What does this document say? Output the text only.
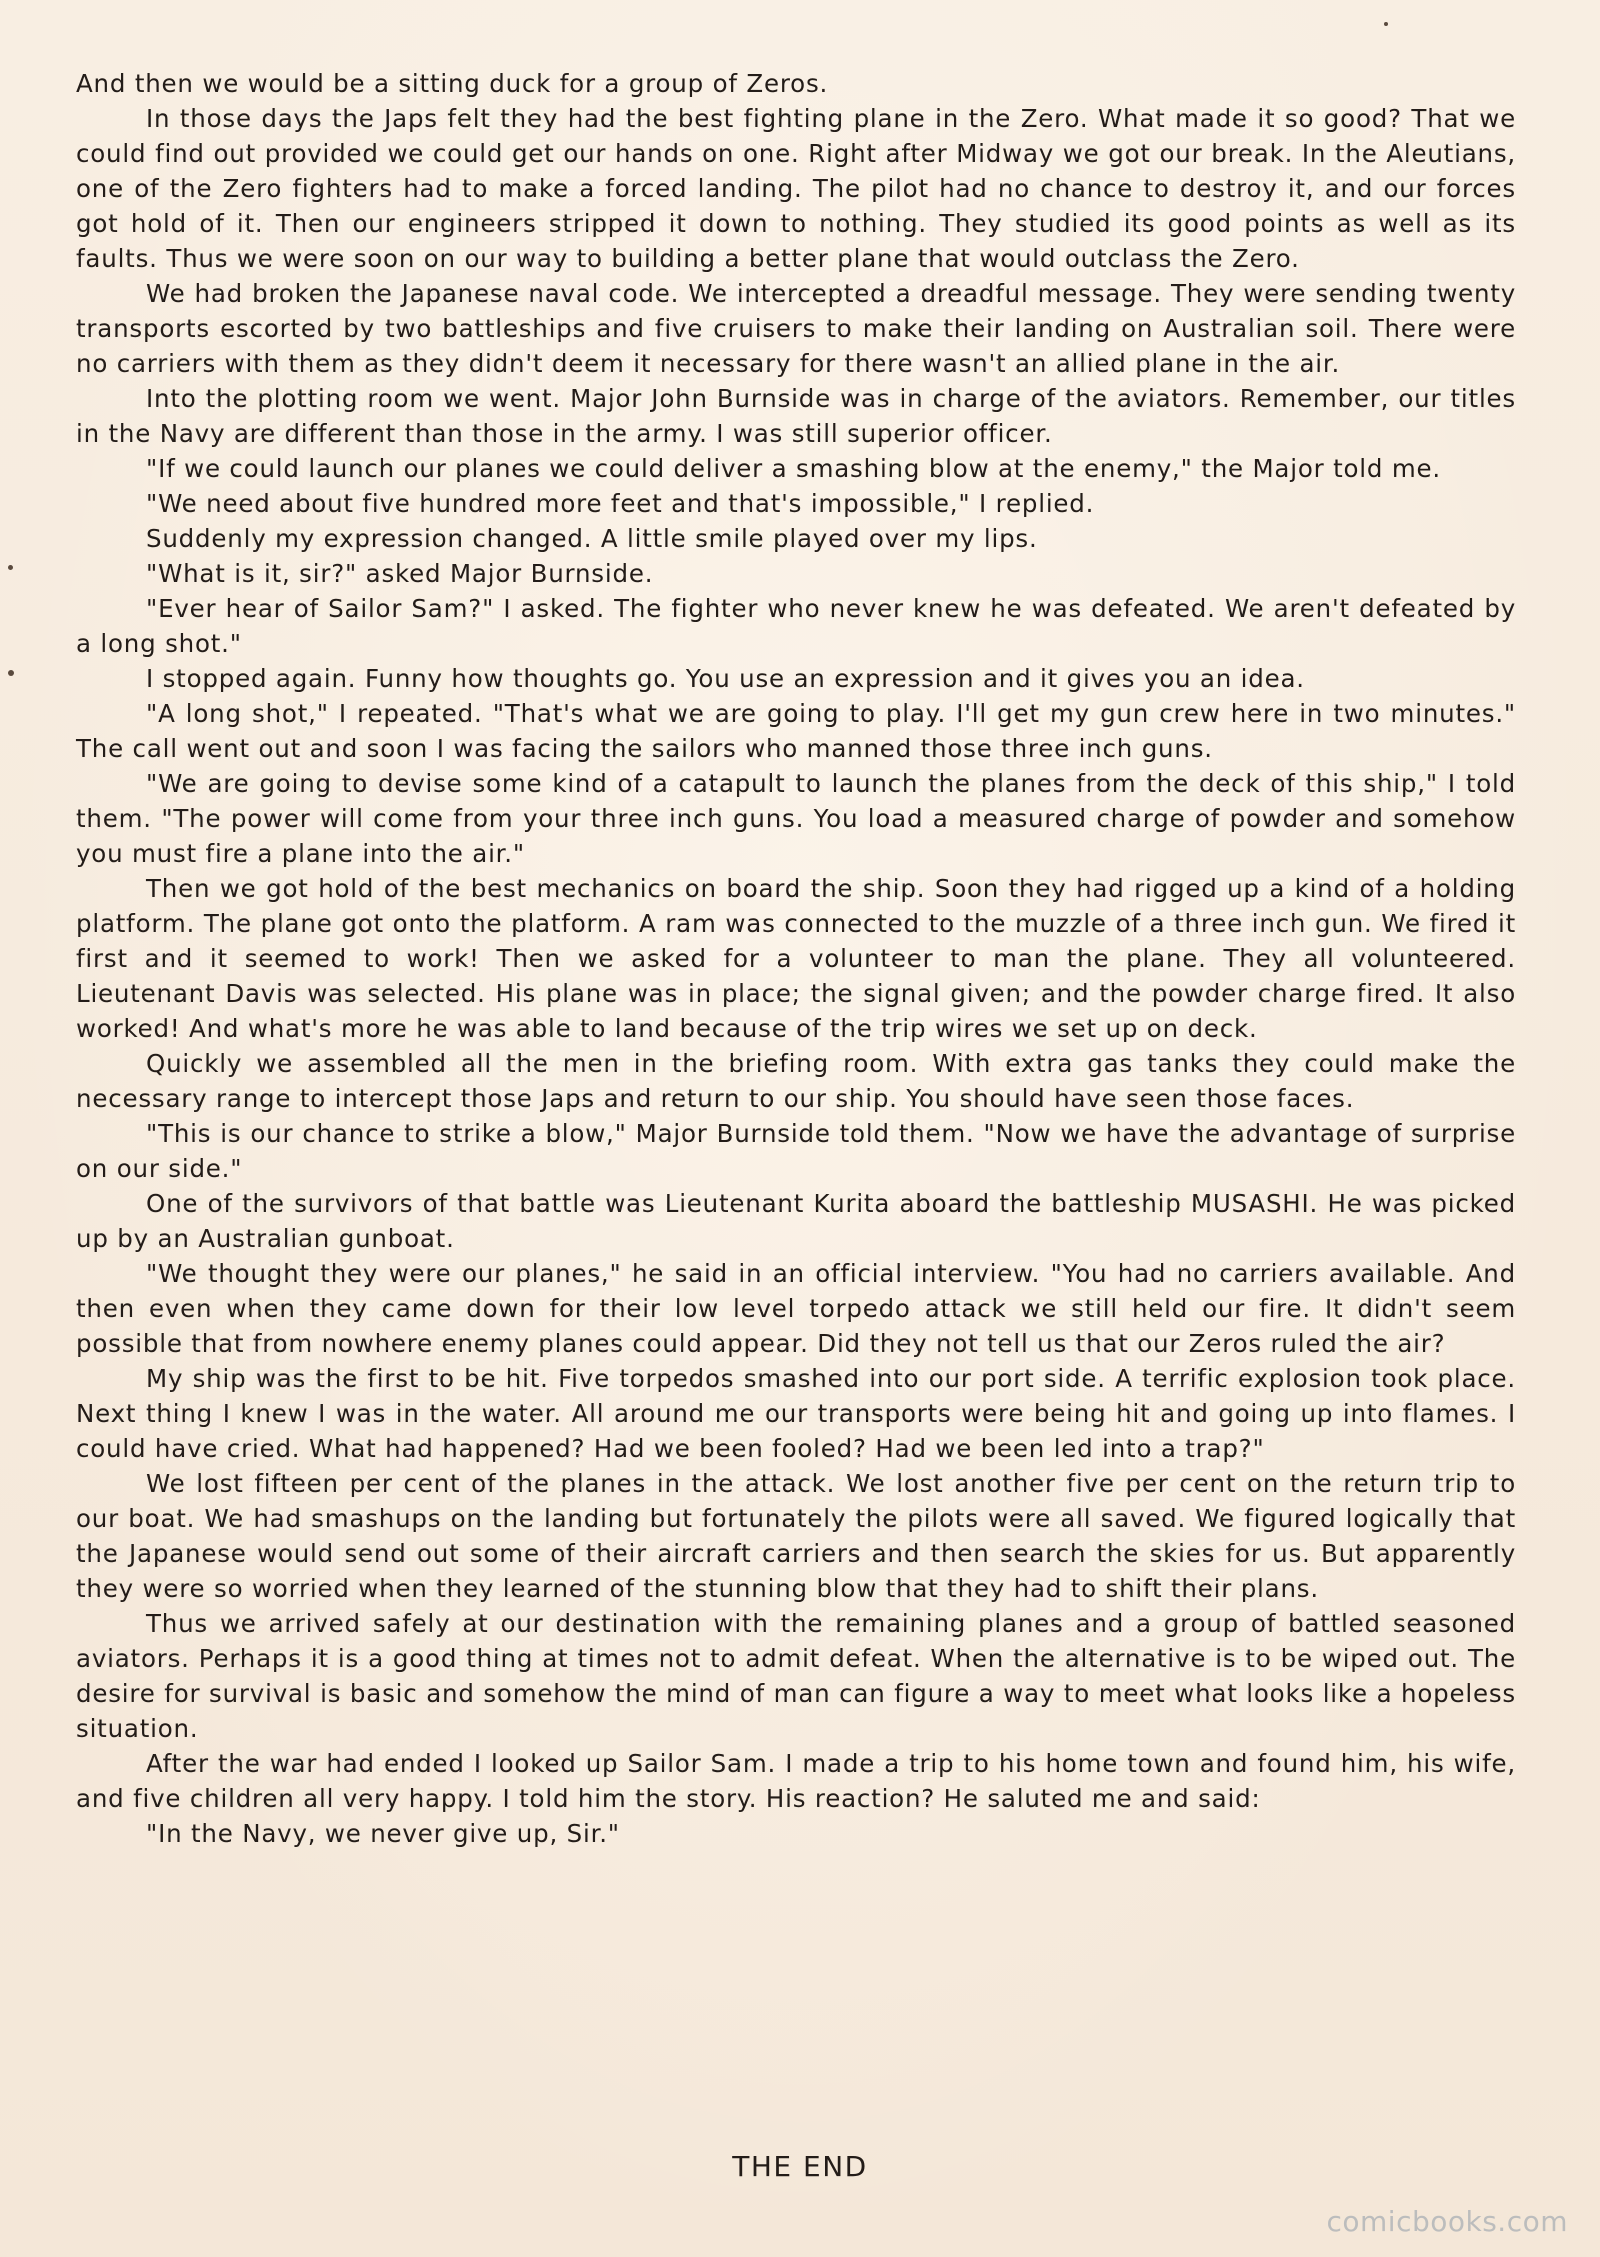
And then we would be a sitting duck for a group of Zeros.

In those days the Japs felt they had the best fighting plane in the Zero. What made it so good? That we could find out provided we could get our hands on one. Right after Midway we got our break. In the Aleutians, one of the Zero fighters had to make a forced landing. The pilot had no chance to destroy it, and our forces got hold of it. Then our engineers stripped it down to nothing. They studied its good points as well as its faults. Thus we were soon on our way to building a better plane that would outclass the Zero.

We had broken the Japanese naval code. We intercepted a dreadful message. They were sending twenty transports escorted by two battleships and five cruisers to make their landing on Australian soil. There were no carriers with them as they didn't deem it necessary for there wasn't an allied plane in the air.

Into the plotting room we went. Major John Burnside was in charge of the aviators. Remember, our titles in the Navy are different than those in the army. I was still superior officer.

"If we could launch our planes we could deliver a smashing blow at the enemy," the Major told me.

"We need about five hundred more feet and that's impossible," I replied.

Suddenly my expression changed. A little smile played over my lips.

"What is it, sir?" asked Major Burnside.

"Ever hear of Sailor Sam?" I asked. The fighter who never knew he was defeated. We aren't defeated by a long shot."

I stopped again. Funny how thoughts go. You use an expression and it gives you an idea.

"A long shot," I repeated. "That's what we are going to play. I'll get my gun crew here in two minutes." The call went out and soon I was facing the sailors who manned those three inch guns.

"We are going to devise some kind of a catapult to launch the planes from the deck of this ship," I told them. "The power will come from your three inch guns. You load a measured charge of powder and somehow you must fire a plane into the air."

Then we got hold of the best mechanics on board the ship. Soon they had rigged up a kind of a holding platform. The plane got onto the platform. A ram was connected to the muzzle of a three inch gun. We fired it first and it seemed to work! Then we asked for a volunteer to man the plane. They all volunteered. Lieutenant Davis was selected. His plane was in place; the signal given; and the powder charge fired. It also worked! And what's more he was able to land because of the trip wires we set up on deck.

Quickly we assembled all the men in the briefing room. With extra gas tanks they could make the necessary range to intercept those Japs and return to our ship. You should have seen those faces.

"This is our chance to strike a blow," Major Burnside told them. "Now we have the advantage of surprise on our side."

One of the survivors of that battle was Lieutenant Kurita aboard the battleship MUSASHI. He was picked up by an Australian gunboat.

"We thought they were our planes," he said in an official interview. "You had no carriers available. And then even when they came down for their low level torpedo attack we still held our fire. It didn't seem possible that from nowhere enemy planes could appear. Did they not tell us that our Zeros ruled the air?

My ship was the first to be hit. Five torpedos smashed into our port side. A terrific explosion took place. Next thing I knew I was in the water. All around me our transports were being hit and going up into flames. I could have cried. What had happened? Had we been fooled? Had we been led into a trap?"

We lost fifteen per cent of the planes in the attack. We lost another five per cent on the return trip to our boat. We had smashups on the landing but fortunately the pilots were all saved. We figured logically that the Japanese would send out some of their aircraft carriers and then search the skies for us. But apparently they were so worried when they learned of the stunning blow that they had to shift their plans.

Thus we arrived safely at our destination with the remaining planes and a group of battled seasoned aviators. Perhaps it is a good thing at times not to admit defeat. When the alternative is to be wiped out. The desire for survival is basic and somehow the mind of man can figure a way to meet what looks like a hopeless situation.

After the war had ended I looked up Sailor Sam. I made a trip to his home town and found him, his wife, and five children all very happy. I told him the story. His reaction? He saluted me and said:

"In the Navy, we never give up, Sir."

THE END
comicbooks.com
